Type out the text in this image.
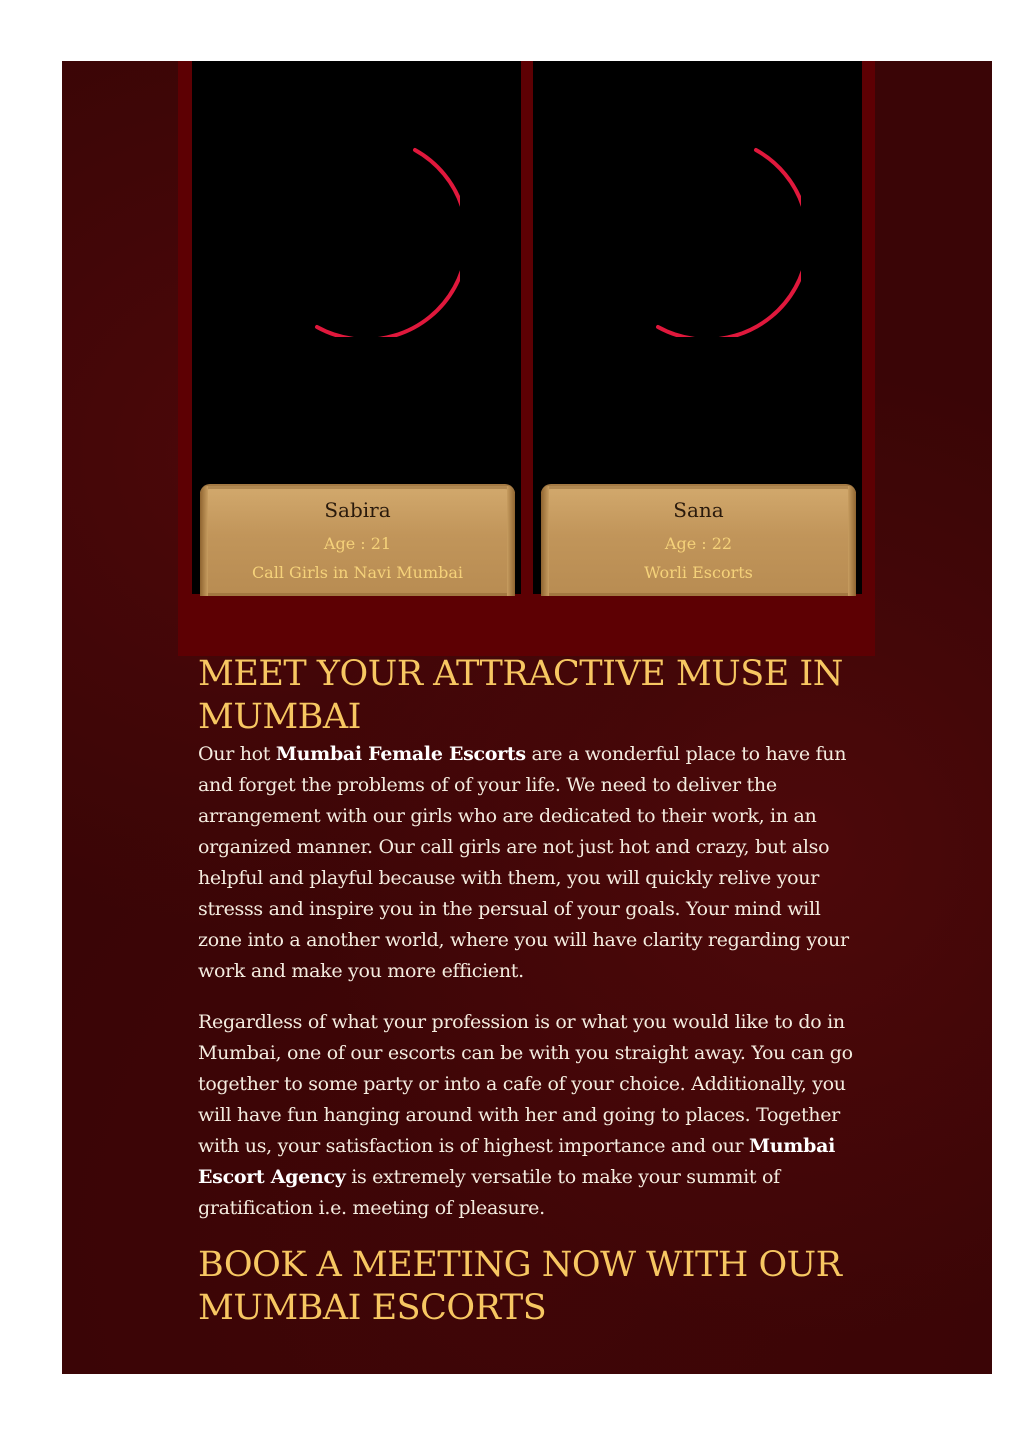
Sabira
Age : 21
Call Girls in Navi Mumbai
Sana
Age : 22
Worli Escorts
MEET YOUR ATTRACTIVE MUSE IN MUMBAI

Our hot Mumbai Female Escorts are a wonderful place to have fun and forget the problems of of your life. We need to deliver the arrangement with our girls who are dedicated to their work, in an organized manner. Our call girls are not just hot and crazy, but also helpful and playful because with them, you will quickly relive your stresss and inspire you in the persual of your goals. Your mind will zone into a another world, where you will have clarity regarding your work and make you more efficient.

Regardless of what your profession is or what you would like to do in Mumbai, one of our escorts can be with you straight away. You can go together to some party or into a cafe of your choice. Additionally, you will have fun hanging around with her and going to places. Together with us, your satisfaction is of highest importance and our Mumbai Escort Agency is extremely versatile to make your summit of gratification i.e. meeting of pleasure.

BOOK A MEETING NOW WITH OUR MUMBAI ESCORTS
